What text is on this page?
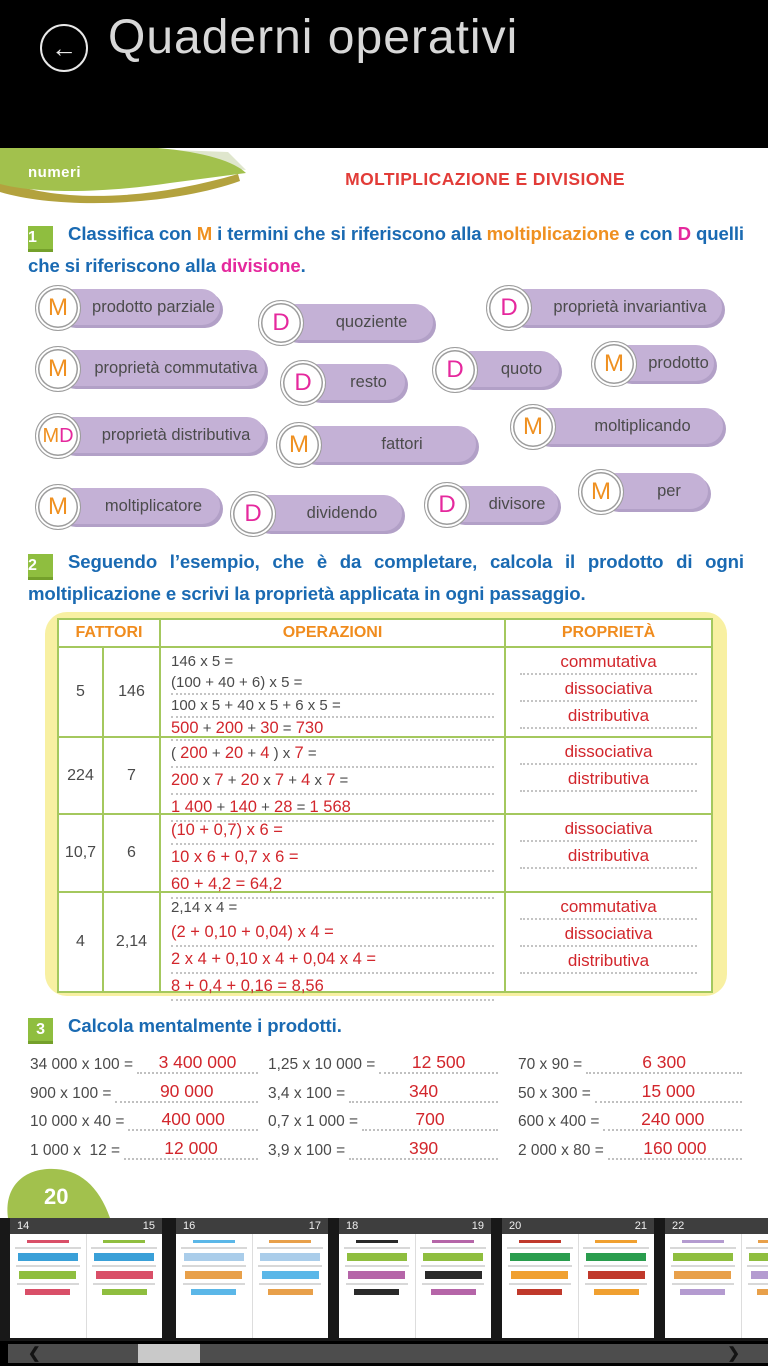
← Quaderni operativi
numeri	MOLTIPLICAZIONE E DIVISIONE
1 Classifica con M i termini che si riferiscono alla moltiplicazione e con D quelli
che si riferiscono alla divisione.
prodotto parziale
M
quoziente
D
proprietà invariantiva
D
proprietà commutativa
M	resto
D
quoto
D	prodotto
M
proprietà distributiva
M D	fattori
M
moltiplicando
M
moltiplicatore
M	dividendo
D	divisore
D
per
M
2 Seguendo l’esempio, che è da completare, calcola il prodotto di ogni
moltiplicazione e scrivi la proprietà applicata in ogni passaggio.
FATTORI	OPERAZIONI	PROPRIETÀ
5	146
146 x 5 =
(100 + 40 + 6) x 5 =
100 x 5 + 40 x 5 + 6 x 5 =
500 + 200 + 30 = 730
commutativa
dissociativa
distributiva
224	7
( 200 + 20 + 4 ) x 7 =
200 x 7 + 20 x 7 + 4 x 7 =
1 400 + 140 + 28 = 1 568
dissociativa
distributiva
10,7	6
(10 + 0,7) x 6 =
10 x 6 + 0,7 x 6 =
60 + 4,2 = 64,2
dissociativa
distributiva
4	2,14
2,14 x 4 =
(2 + 0,10 + 0,04) x 4 =
2 x 4 + 0,10 x 4 + 0,04 x 4 =
8 + 0,4 + 0,16 = 8,56
commutativa
dissociativa
distributiva
3 Calcola mentalmente i prodotti.
34 000 x 100 =	3 400 000
900 x 100 =	90 000
10 000 x 40 =	400 000
1 000 x  12 =	12 000
1,25 x 10 000 =	12 500
3,4 x 100 =	340
0,7 x 1 000 =	700
3,9 x 100 =	390
70 x 90 =	6 300
50 x 300 =	15 000
600 x 400 =	240 000
2 000 x 80 =	160 000
20
14	15	16	17 18	19 20	21 22
❮	❯
